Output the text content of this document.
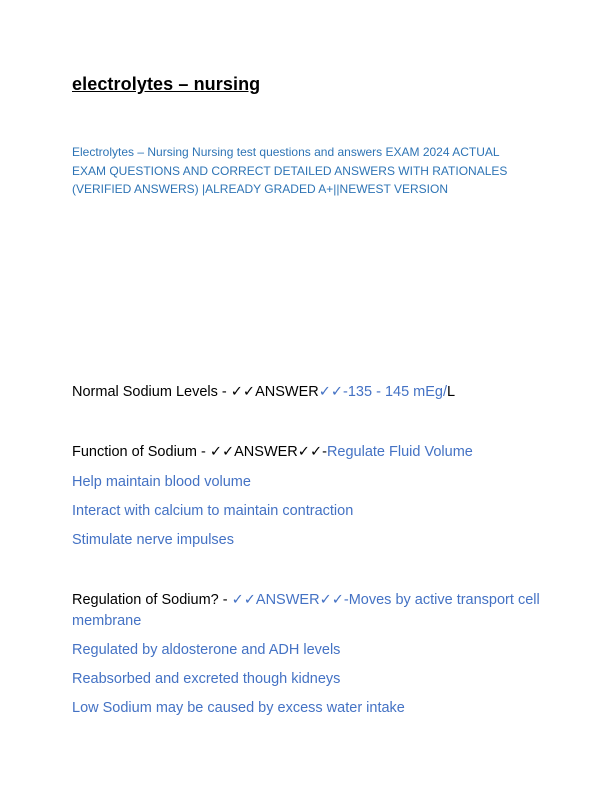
electrolytes – nursing
Electrolytes – Nursing Nursing test questions and answers EXAM 2024 ACTUAL
EXAM QUESTIONS AND CORRECT DETAILED ANSWERS WITH RATIONALES
(VERIFIED ANSWERS) |ALREADY GRADED A+||NEWEST VERSION
Normal Sodium Levels - ✓✓ANSWER✓✓-135 - 145 mEg/L
Function of Sodium - ✓✓ANSWER✓✓-Regulate Fluid Volume
Help maintain blood volume
Interact with calcium to maintain contraction
Stimulate nerve impulses
Regulation of Sodium? - ✓✓ANSWER✓✓-Moves by active transport cell
membrane
Regulated by aldosterone and ADH levels
Reabsorbed and excreted though kidneys
Low Sodium may be caused by excess water intake
